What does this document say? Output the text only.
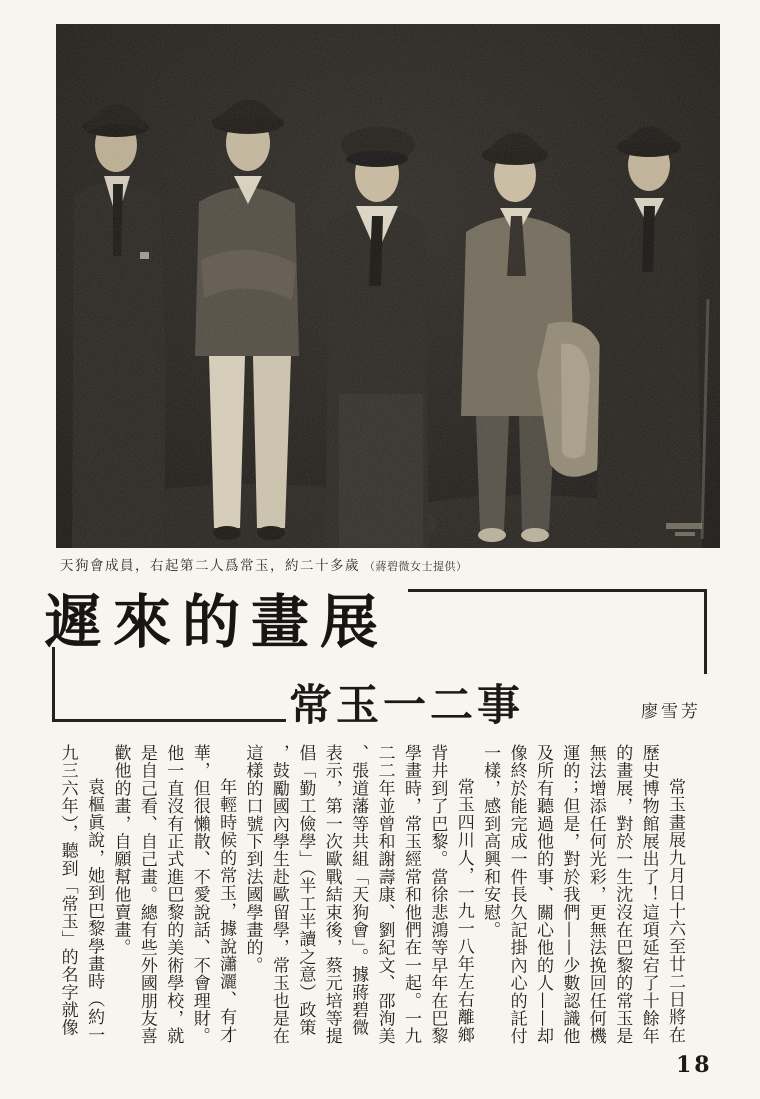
天狗會成員，右起第二人爲常玉，約二十多歲 （蔣碧微女士提供）
遲來的畫展
常玉一二事	廖雪芳

常玉畫展九月日十六至廿二日將在歷史博物館展出了！這項延宕了十餘年的畫展，對於一生沈沒在巴黎的常玉是無法增添任何光彩，更無法挽回任何機運的；但是，對於我們——少數認識他及所有聽過他的事、關心他的人——却像終於能完成一件長久記掛內心的託付一樣，感到高興和安慰。

常玉四川人，一九一八年左右離鄉背井到了巴黎。當徐悲鴻等早年在巴黎學畫時，常玉經常和他們在一起。一九二二年並曾和謝壽康、劉紀文、邵洵美、張道藩等共組「天狗會」。據蔣碧微表示，第一次歐戰結束後，蔡元培等提倡「勤工儉學」（半工半讀之意）政策，鼓勵國內學生赴歐留學，常玉也是在這樣的口號下到法國學畫的。

年輕時候的常玉，據說瀟灑、有才華，但很懶散、不愛說話、不會理財。他一直沒有正式進巴黎的美術學校，就是自己看、自己畫。總有些外國朋友喜歡他的畫，自願幫他賣畫。

袁樞眞說，她到巴黎學畫時（約一九三六年），聽到「常玉」的名字就像

18
